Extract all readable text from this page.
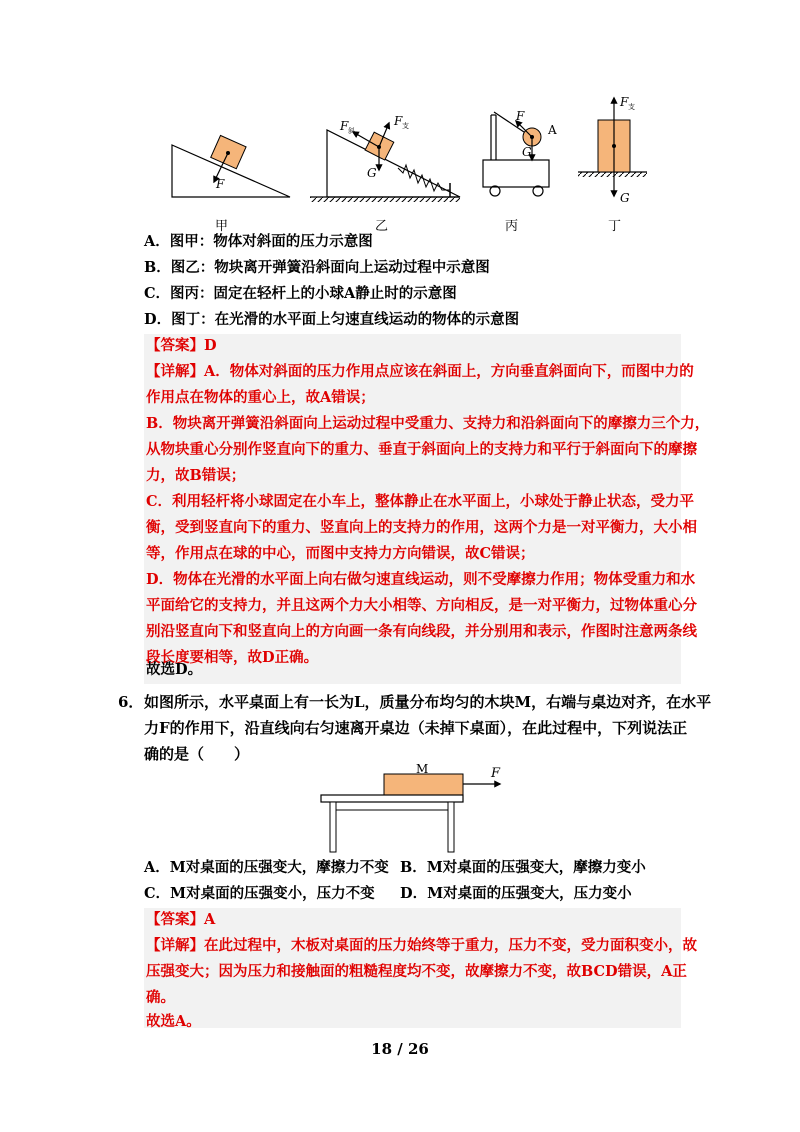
F
甲
F 斜
F 支
G
乙
F
G
A
丙
F 支
G
丁
A．图甲：物体对斜面的压力示意图
B．图乙：物块离开弹簧沿斜面向上运动过程中示意图
C．图丙：固定在轻杆上的小球A静止时的示意图
D．图丁：在光滑的水平面上匀速直线运动的物体的示意图
【答案】D
【详解】A．物体对斜面的压力作用点应该在斜面上，方向垂直斜面向下，而图中力的
作用点在物体的重心上，故A错误；
B．物块离开弹簧沿斜面向上运动过程中受重力、支持力和沿斜面向下的摩擦力三个力，
从物块重心分别作竖直向下的重力、垂直于斜面向上的支持力和平行于斜面向下的摩擦
力，故B错误；
C．利用轻杆将小球固定在小车上，整体静止在水平面上，小球处于静止状态，受力平
衡，受到竖直向下的重力、竖直向上的支持力的作用，这两个力是一对平衡力，大小相
等，作用点在球的中心，而图中支持力方向错误，故C错误；
D．物体在光滑的水平面上向右做匀速直线运动，则不受摩擦力作用；物体受重力和水
平面给它的支持力，并且这两个力大小相等、方向相反，是一对平衡力，过物体重心分
别沿竖直向下和竖直向上的方向画一条有向线段，并分别用和表示，作图时注意两条线
段长度要相等，故D正确。
故选D。
6． 如图所示，水平桌面上有一长为L，质量分布均匀的木块M，右端与桌边对齐，在水平
力F的作用下，沿直线向右匀速离开桌边（未掉下桌面），在此过程中，下列说法正
确的是（　　）
M	F
A．M对桌面的压强变大，摩擦力不变 B．M对桌面的压强变大，摩擦力变小
C．M对桌面的压强变小，压力不变 D．M对桌面的压强变大，压力变小
【答案】A
【详解】在此过程中，木板对桌面的压力始终等于重力，压力不变，受力面积变小，故
压强变大；因为压力和接触面的粗糙程度均不变，故摩擦力不变，故BCD错误，A正
确。
故选A。
18 / 26
